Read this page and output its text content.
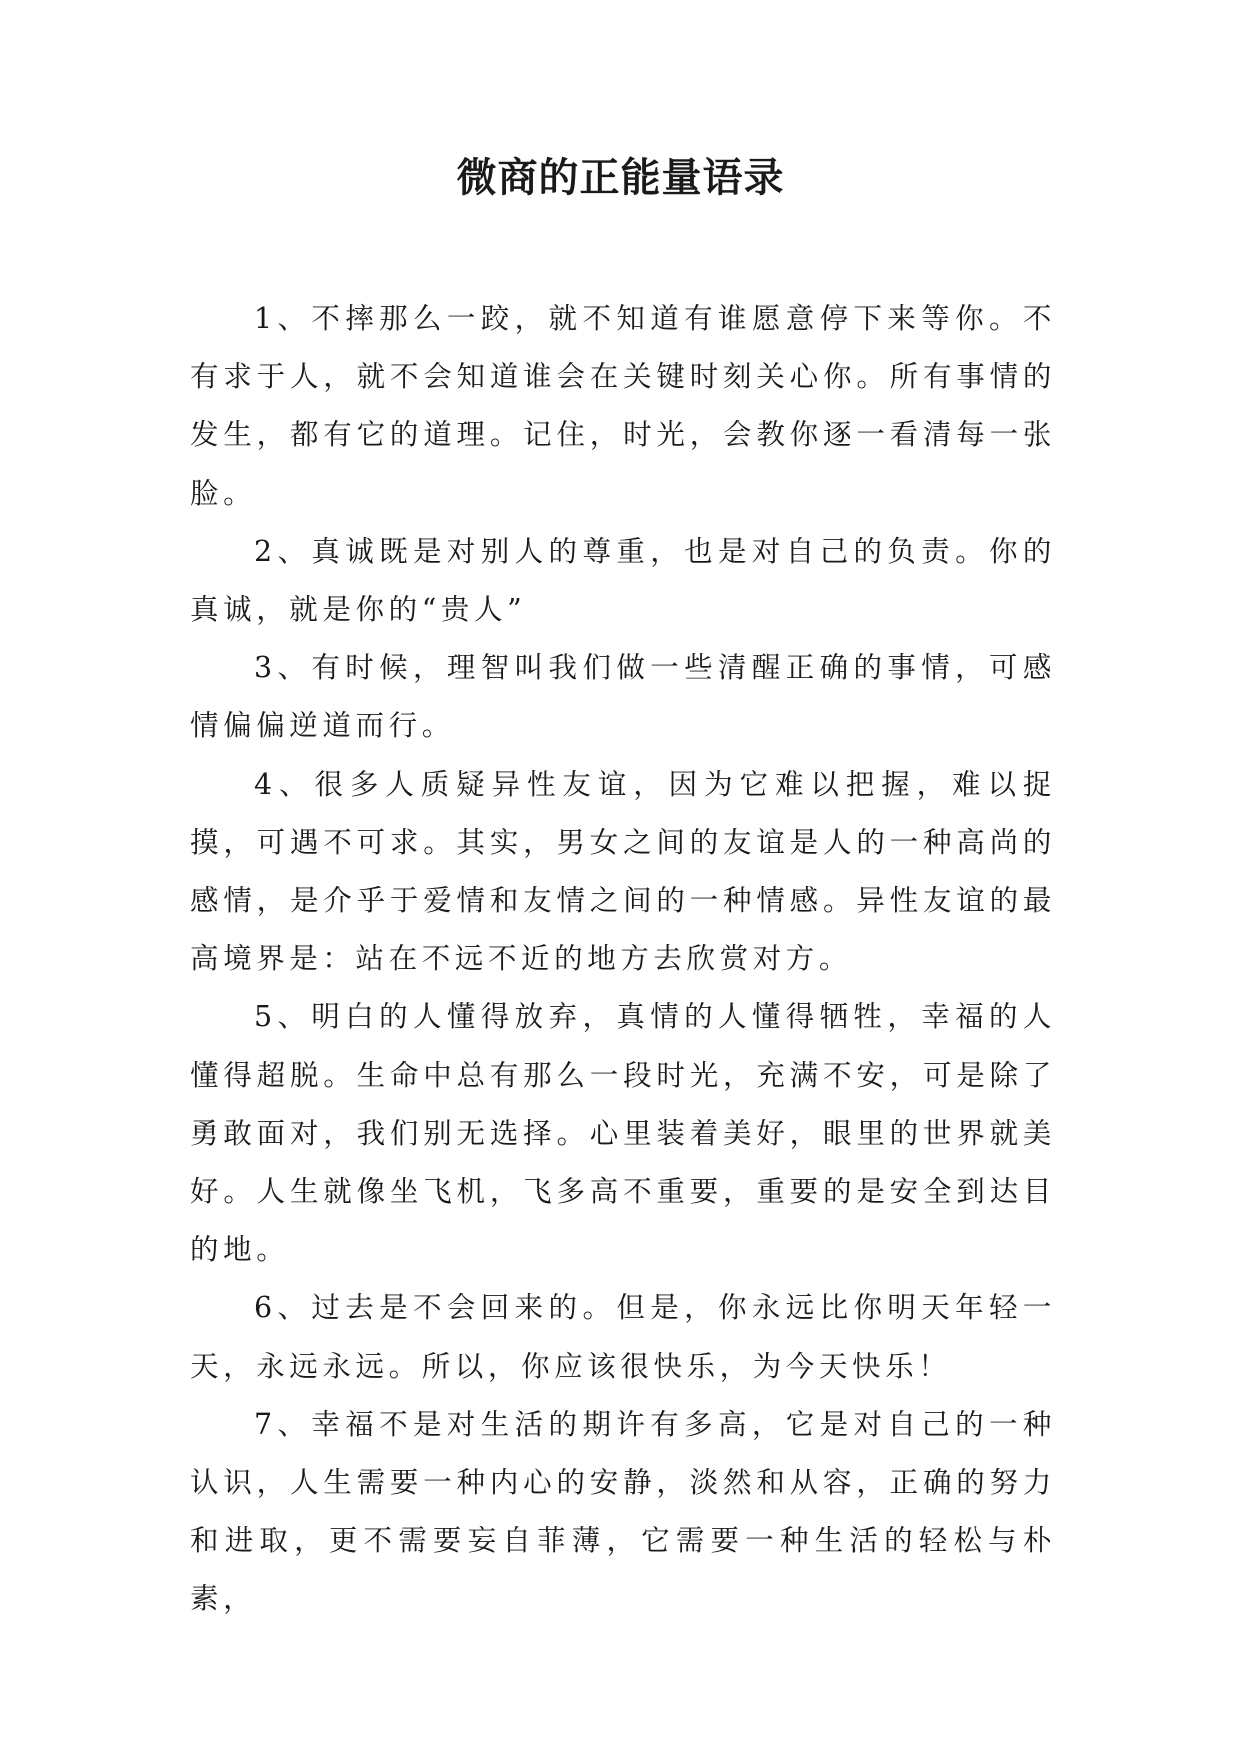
微商的正能量语录

1、不摔那么一跤，就不知道有谁愿意停下来等你。不有求于人，就不会知道谁会在关键时刻关心你。所有事情的发生，都有它的道理。记住，时光，会教你逐一看清每一张脸。

2、真诚既是对别人的尊重，也是对自己的负责。你的真诚，就是你的“贵人”

3、有时候，理智叫我们做一些清醒正确的事情，可感情偏偏逆道而行。

4、很多人质疑异性友谊，因为它难以把握，难以捉摸，可遇不可求。其实，男女之间的友谊是人的一种高尚的感情，是介乎于爱情和友情之间的一种情感。异性友谊的最高境界是：站在不远不近的地方去欣赏对方。

5、明白的人懂得放弃，真情的人懂得牺牲，幸福的人懂得超脱。生命中总有那么一段时光，充满不安，可是除了勇敢面对，我们别无选择。心里装着美好，眼里的世界就美好。人生就像坐飞机，飞多高不重要，重要的是安全到达目的地。

6、过去是不会回来的。但是，你永远比你明天年轻一天，永远永远。所以，你应该很快乐，为今天快乐！

7、幸福不是对生活的期许有多高，它是对自己的一种认识，人生需要一种内心的安静，淡然和从容，正确的努力和进取，更不需要妄自菲薄，它需要一种生活的轻松与朴素，
